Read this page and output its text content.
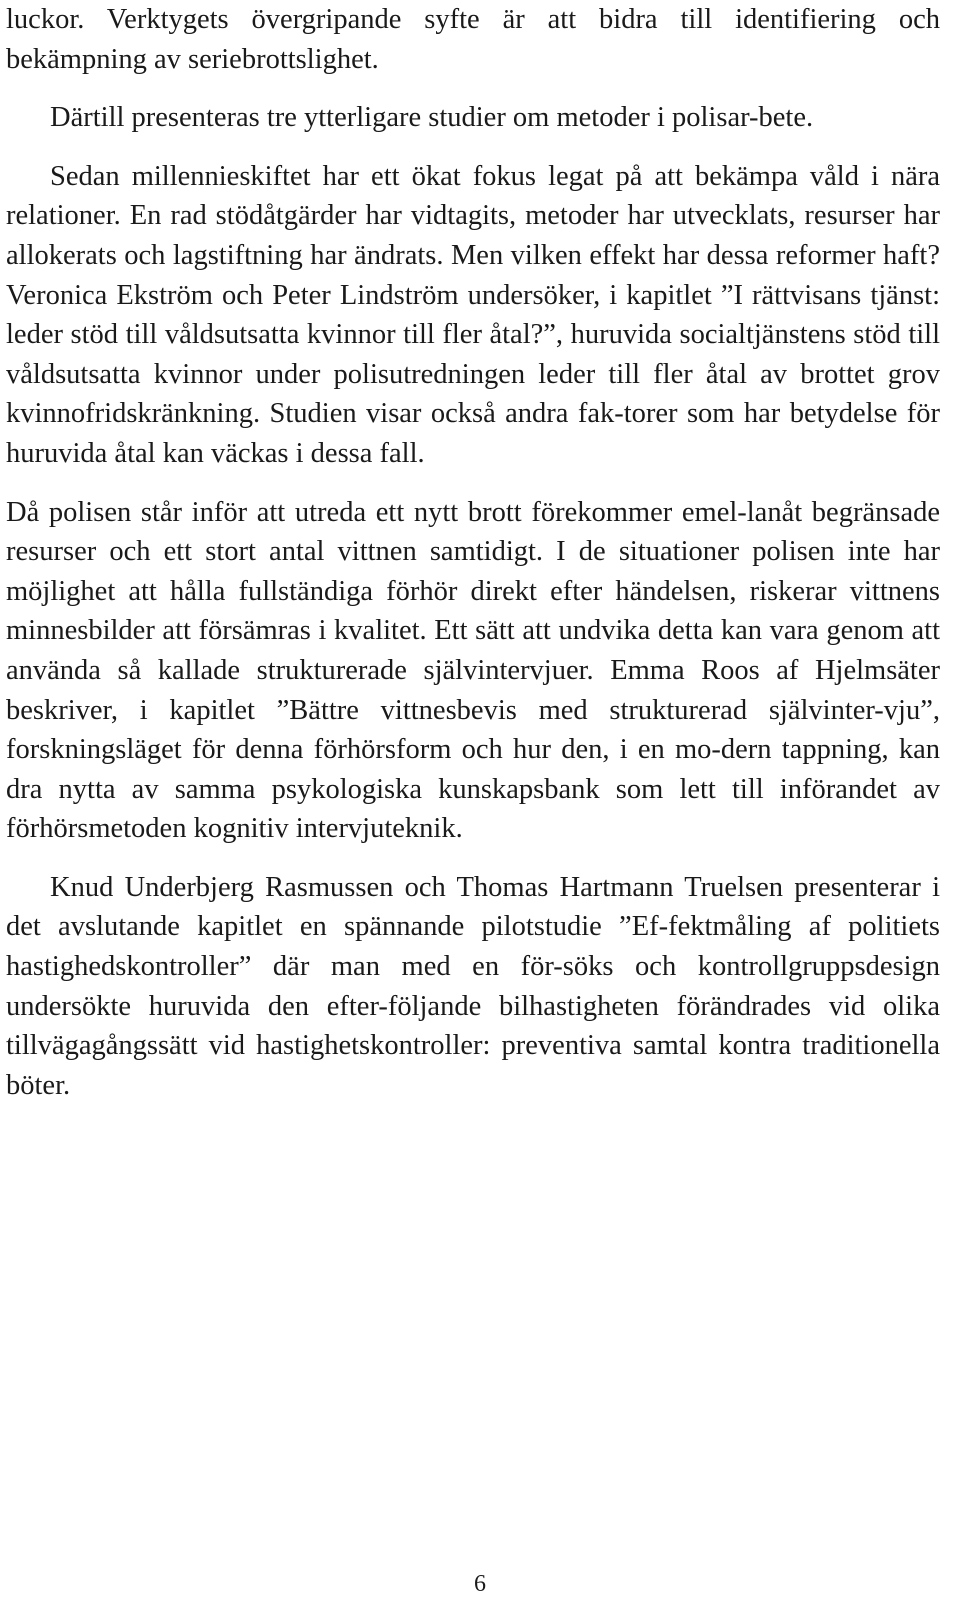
luckor. Verktygets övergripande syfte är att bidra till identifiering och bekämpning av seriebrottslighet.

Därtill presenteras tre ytterligare studier om metoder i polisar-bete.

Sedan millennieskiftet har ett ökat fokus legat på att bekämpa våld i nära relationer. En rad stödåtgärder har vidtagits, metoder har utvecklats, resurser har allokerats och lagstiftning har ändrats. Men vilken effekt har dessa reformer haft? Veronica Ekström och Peter Lindström undersöker, i kapitlet ”I rättvisans tjänst: leder stöd till våldsutsatta kvinnor till fler åtal?”, huruvida socialtjänstens stöd till våldsutsatta kvinnor under polisutredningen leder till fler åtal av brottet grov kvinnofridskränkning. Studien visar också andra fak-torer som har betydelse för huruvida åtal kan väckas i dessa fall.

Då polisen står inför att utreda ett nytt brott förekommer emel-lanåt begränsade resurser och ett stort antal vittnen samtidigt. I de situationer polisen inte har möjlighet att hålla fullständiga förhör direkt efter händelsen, riskerar vittnens minnesbilder att försämras i kvalitet. Ett sätt att undvika detta kan vara genom att använda så kallade strukturerade självintervjuer. Emma Roos af Hjelmsäter beskriver, i kapitlet ”Bättre vittnesbevis med strukturerad självinter-vju”, forskningsläget för denna förhörsform och hur den, i en mo-dern tappning, kan dra nytta av samma psykologiska kunskapsbank som lett till införandet av förhörsmetoden kognitiv intervjuteknik.

Knud Underbjerg Rasmussen och Thomas Hartmann Truelsen presenterar i det avslutande kapitlet en spännande pilotstudie ”Ef-fektmåling af politiets hastighedskontroller” där man med en för-söks och kontrollgruppsdesign undersökte huruvida den efter-följande bilhastigheten förändrades vid olika tillvägagångssätt vid hastighetskontroller: preventiva samtal kontra traditionella böter.

6
